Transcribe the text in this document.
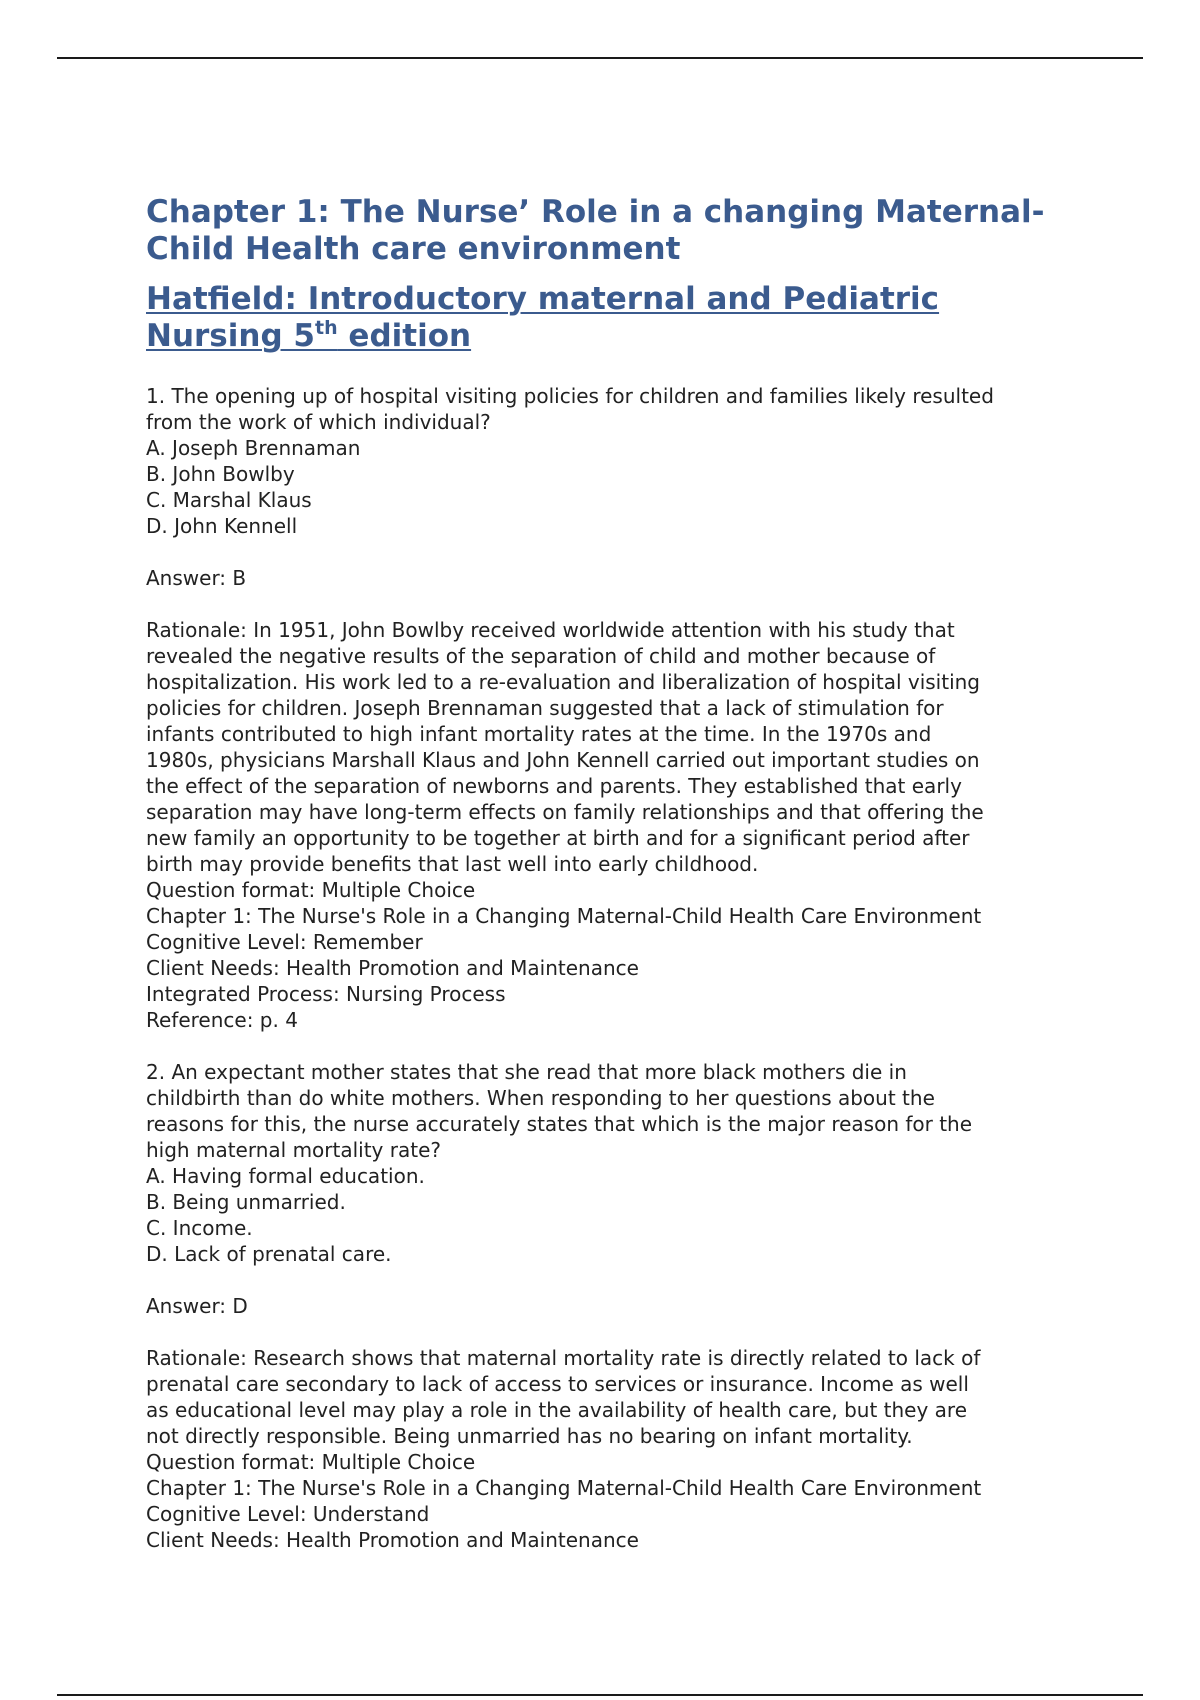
Chapter 1: The Nurse’ Role in a changing Maternal-
Child Health care environment
Hatfield: Introductory maternal and Pediatric
Nursing 5th edition
1. The opening up of hospital visiting policies for children and families likely resulted
from the work of which individual?
A. Joseph Brennaman
B. John Bowlby
C. Marshal Klaus
D. John Kennell
Answer: B
Rationale: In 1951, John Bowlby received worldwide attention with his study that
revealed the negative results of the separation of child and mother because of
hospitalization. His work led to a re-evaluation and liberalization of hospital visiting
policies for children. Joseph Brennaman suggested that a lack of stimulation for
infants contributed to high infant mortality rates at the time. In the 1970s and
1980s, physicians Marshall Klaus and John Kennell carried out important studies on
the effect of the separation of newborns and parents. They established that early
separation may have long-term effects on family relationships and that offering the
new family an opportunity to be together at birth and for a significant period after
birth may provide benefits that last well into early childhood.
Question format: Multiple Choice
Chapter 1: The Nurse's Role in a Changing Maternal-Child Health Care Environment
Cognitive Level: Remember
Client Needs: Health Promotion and Maintenance
Integrated Process: Nursing Process
Reference: p. 4
2. An expectant mother states that she read that more black mothers die in
childbirth than do white mothers. When responding to her questions about the
reasons for this, the nurse accurately states that which is the major reason for the
high maternal mortality rate?
A. Having formal education.
B. Being unmarried.
C. Income.
D. Lack of prenatal care.
Answer: D
Rationale: Research shows that maternal mortality rate is directly related to lack of
prenatal care secondary to lack of access to services or insurance. Income as well
as educational level may play a role in the availability of health care, but they are
not directly responsible. Being unmarried has no bearing on infant mortality.
Question format: Multiple Choice
Chapter 1: The Nurse's Role in a Changing Maternal-Child Health Care Environment
Cognitive Level: Understand
Client Needs: Health Promotion and Maintenance
